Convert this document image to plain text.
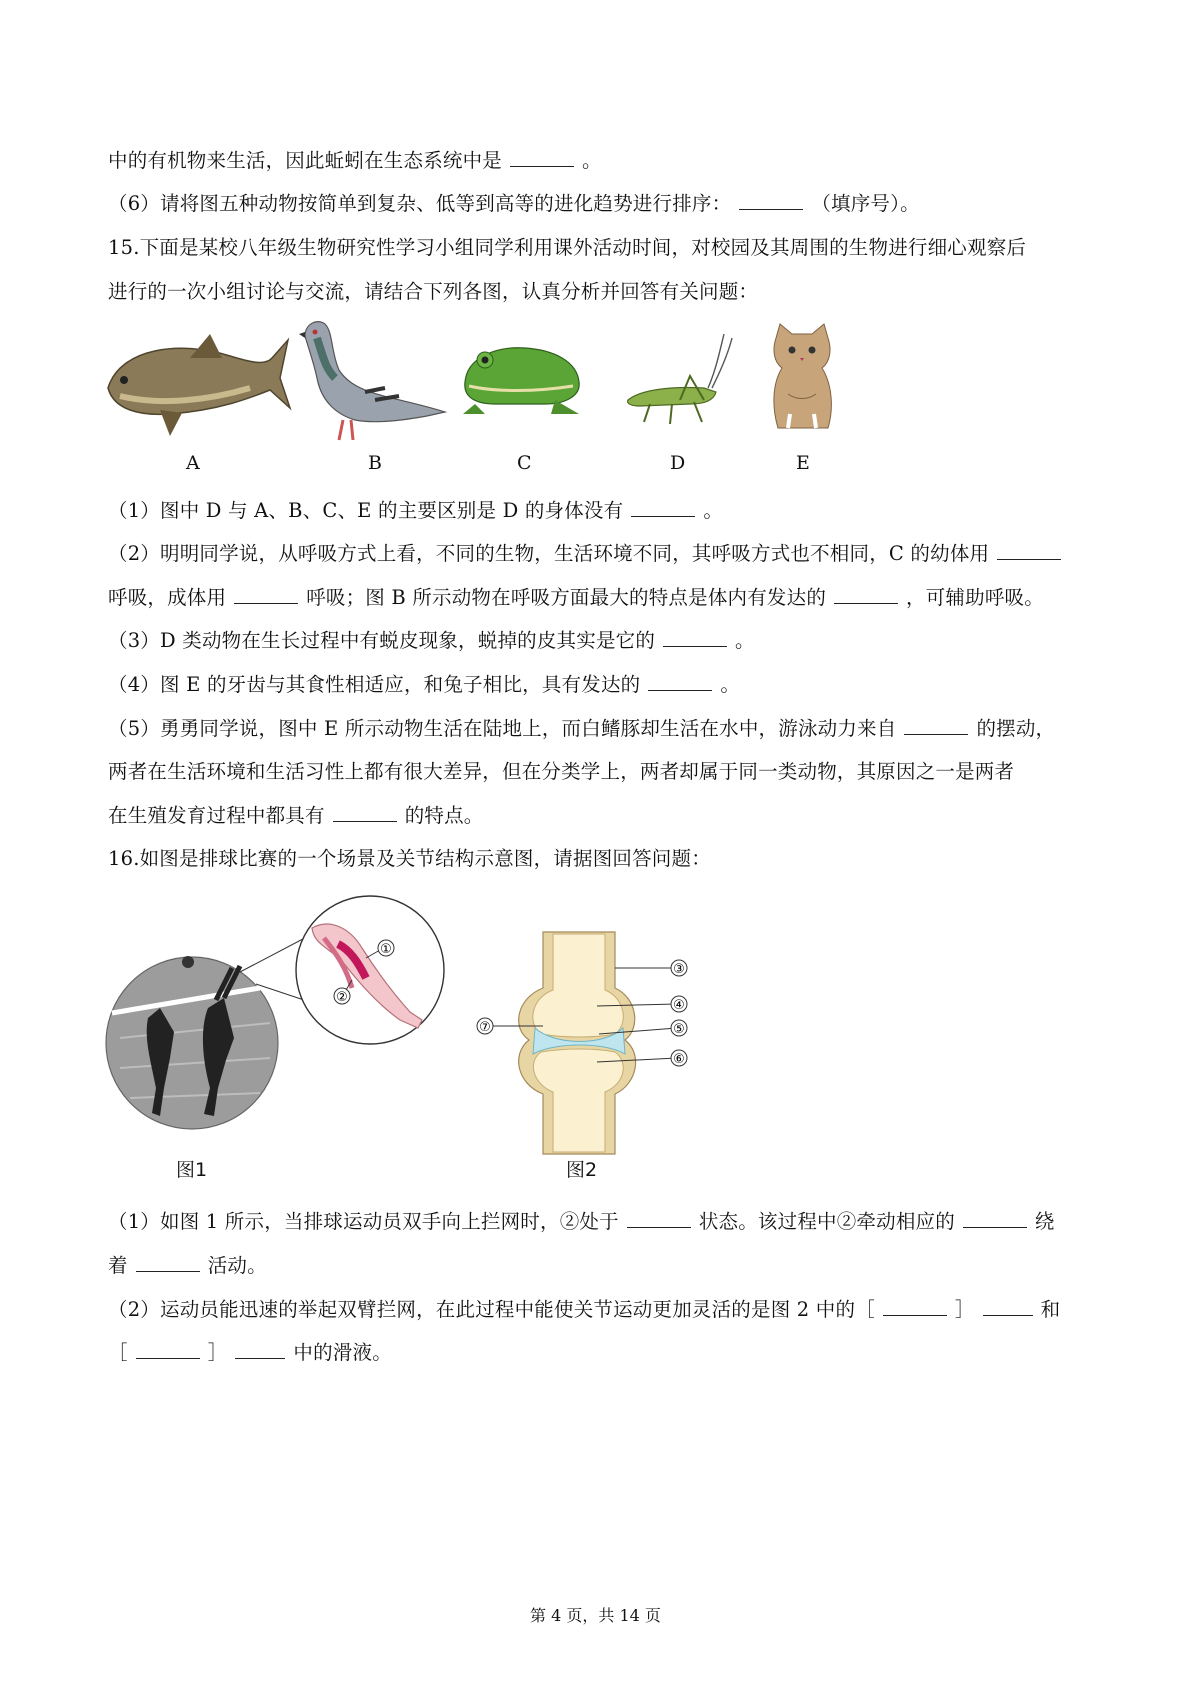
中的有机物来生活，因此蚯蚓在生态系统中是	。
（6）请将图五种动物按简单到复杂、低等到高等的进化趋势进行排序：	（填序号）。
15.下面是某校八年级生物研究性学习小组同学利用课外活动时间，对校园及其周围的生物进行细心观察后
进行的一次小组讨论与交流，请结合下列各图，认真分析并回答有关问题：
A	B	C	D	E
（1）图中 D 与 A、B、C、E 的主要区别是 D 的身体没有	。
（2）明明同学说，从呼吸方式上看，不同的生物，生活环境不同，其呼吸方式也不相同，C 的幼体用
呼吸，成体用	呼吸；图 B 所示动物在呼吸方面最大的特点是体内有发达的	，可辅助呼吸。
（3）D 类动物在生长过程中有蜕皮现象，蜕掉的皮其实是它的	。
（4）图 E 的牙齿与其食性相适应，和兔子相比，具有发达的	。
（5）勇勇同学说，图中 E 所示动物生活在陆地上，而白鳍豚却生活在水中，游泳动力来自	的摆动，
两者在生活环境和生活习性上都有很大差异，但在分类学上，两者却属于同一类动物，其原因之一是两者
在生殖发育过程中都具有	的特点。
16.如图是排球比赛的一个场景及关节结构示意图，请据图回答问题：
①
②
③
④
⑤
⑥
⑦
图1	图2
（1）如图 1 所示，当排球运动员双手向上拦网时，②处于	状态。该过程中②牵动相应的	绕
着	活动。
（2）运动员能迅速的举起双臂拦网，在此过程中能使关节运动更加灵活的是图 2 中的［	］	和
［	］	中的滑液。
第 4 页，共 14 页
